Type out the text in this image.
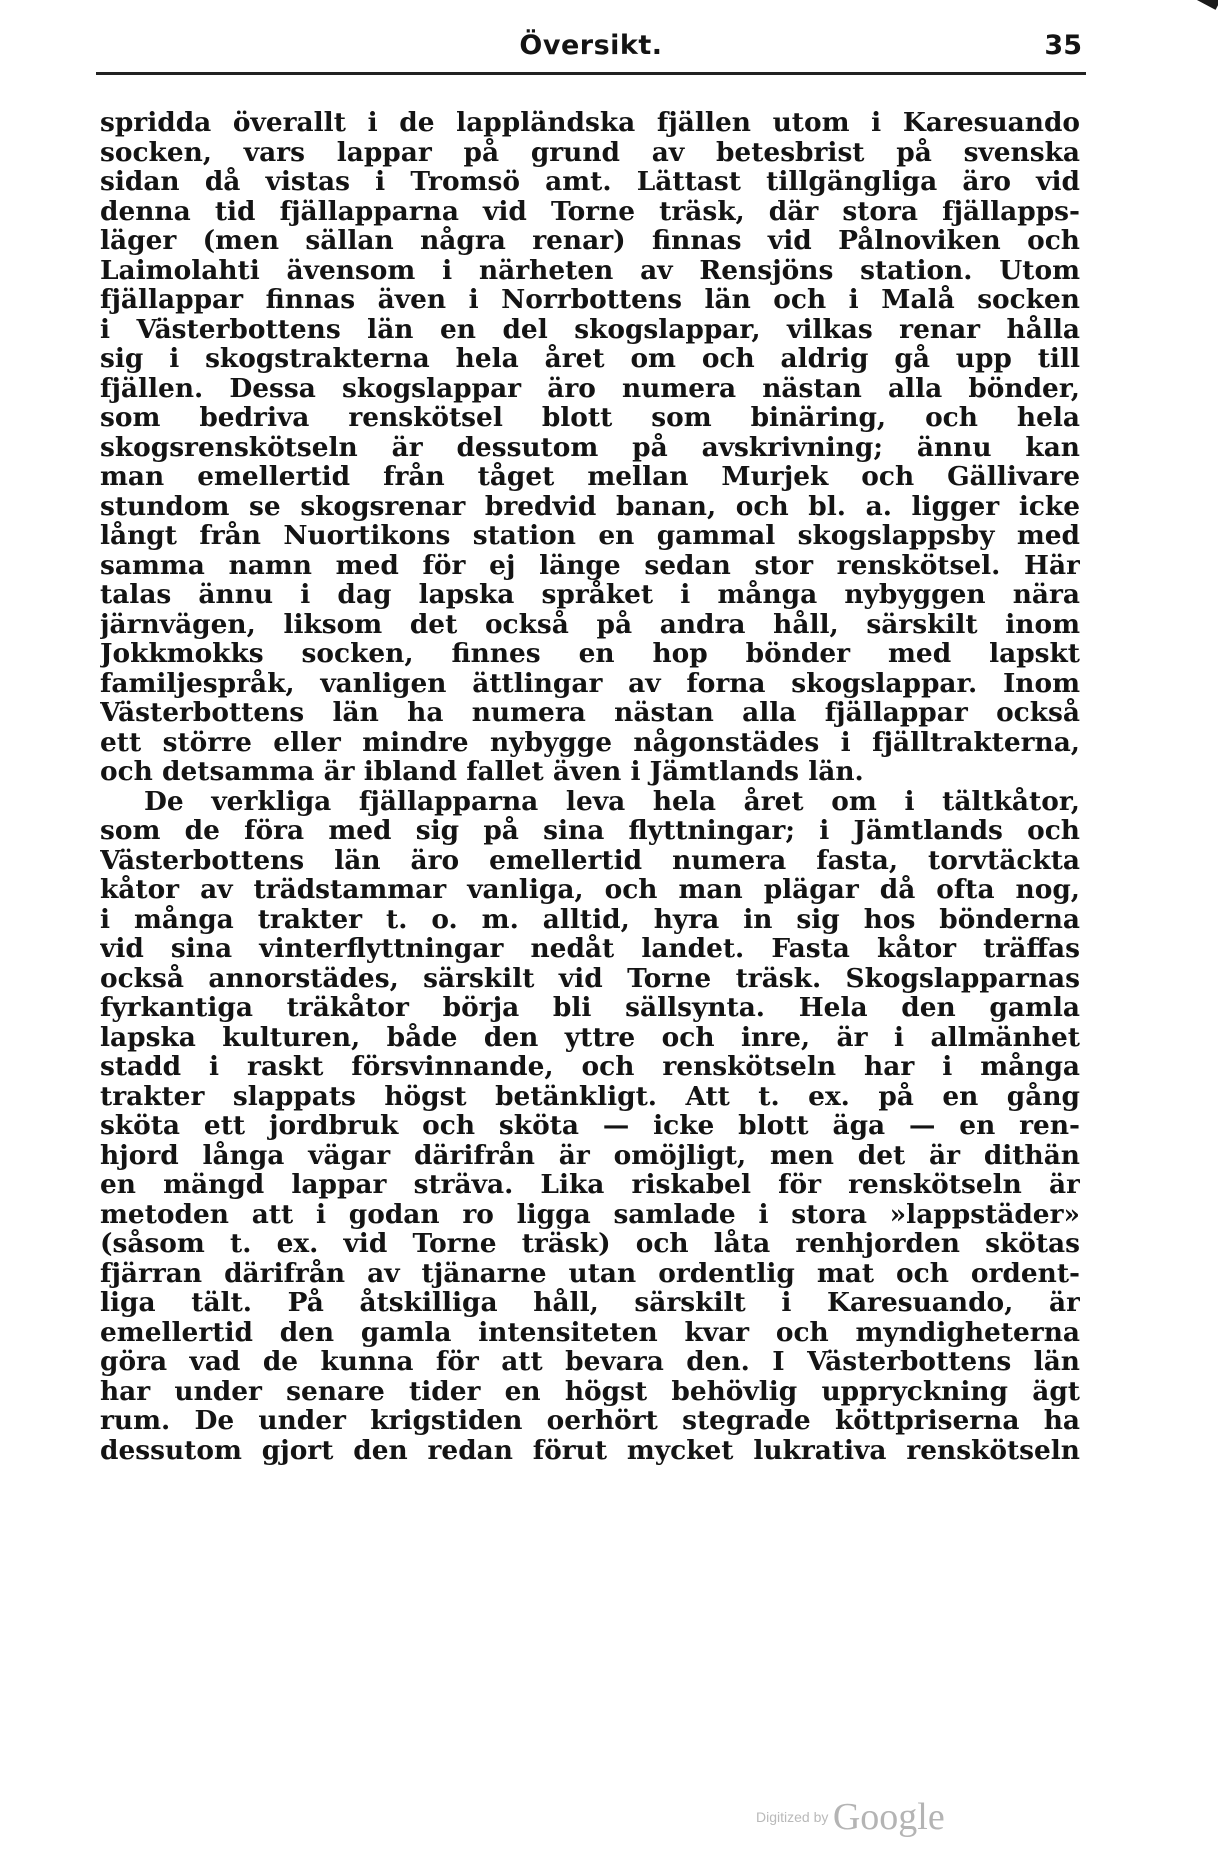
Översikt.	35
spridda överallt i de lappländska fjällen utom i Karesuando
socken, vars lappar på grund av betesbrist på svenska
sidan då vistas i Tromsö amt. Lättast tillgängliga äro vid
denna tid fjällapparna vid Torne träsk, där stora fjällapps-
läger (men sällan några renar) finnas vid Pålnoviken och
Laimolahti ävensom i närheten av Rensjöns station. Utom
fjällappar finnas även i Norrbottens län och i Malå socken
i Västerbottens län en del skogslappar, vilkas renar hålla
sig i skogstrakterna hela året om och aldrig gå upp till
fjällen. Dessa skogslappar äro numera nästan alla bönder,
som bedriva renskötsel blott som binäring, och hela
skogsrenskötseln är dessutom på avskrivning; ännu kan
man emellertid från tåget mellan Murjek och Gällivare
stundom se skogsrenar bredvid banan, och bl. a. ligger icke
långt från Nuortikons station en gammal skogslappsby med
samma namn med för ej länge sedan stor renskötsel. Här
talas ännu i dag lapska språket i många nybyggen nära
järnvägen, liksom det också på andra håll, särskilt inom
Jokkmokks socken, finnes en hop bönder med lapskt
familjespråk, vanligen ättlingar av forna skogslappar. Inom
Västerbottens län ha numera nästan alla fjällappar också
ett större eller mindre nybygge någonstädes i fjälltrakterna,
och detsamma är ibland fallet även i Jämtlands län.
De verkliga fjällapparna leva hela året om i tältkåtor,
som de föra med sig på sina flyttningar; i Jämtlands och
Västerbottens län äro emellertid numera fasta, torvtäckta
kåtor av trädstammar vanliga, och man plägar då ofta nog,
i många trakter t. o. m. alltid, hyra in sig hos bönderna
vid sina vinterflyttningar nedåt landet. Fasta kåtor träffas
också annorstädes, särskilt vid Torne träsk. Skogslapparnas
fyrkantiga träkåtor börja bli sällsynta. Hela den gamla
lapska kulturen, både den yttre och inre, är i allmänhet
stadd i raskt försvinnande, och renskötseln har i många
trakter slappats högst betänkligt. Att t. ex. på en gång
sköta ett jordbruk och sköta — icke blott äga — en ren-
hjord långa vägar därifrån är omöjligt, men det är dithän
en mängd lappar sträva. Lika riskabel för renskötseln är
metoden att i godan ro ligga samlade i stora »lappstäder»
(såsom t. ex. vid Torne träsk) och låta renhjorden skötas
fjärran därifrån av tjänarne utan ordentlig mat och ordent-
liga tält. På åtskilliga håll, särskilt i Karesuando, är
emellertid den gamla intensiteten kvar och myndigheterna
göra vad de kunna för att bevara den. I Västerbottens län
har under senare tider en högst behövlig uppryckning ägt
rum. De under krigstiden oerhört stegrade köttpriserna ha
dessutom gjort den redan förut mycket lukrativa renskötseln
Digitized by Google
